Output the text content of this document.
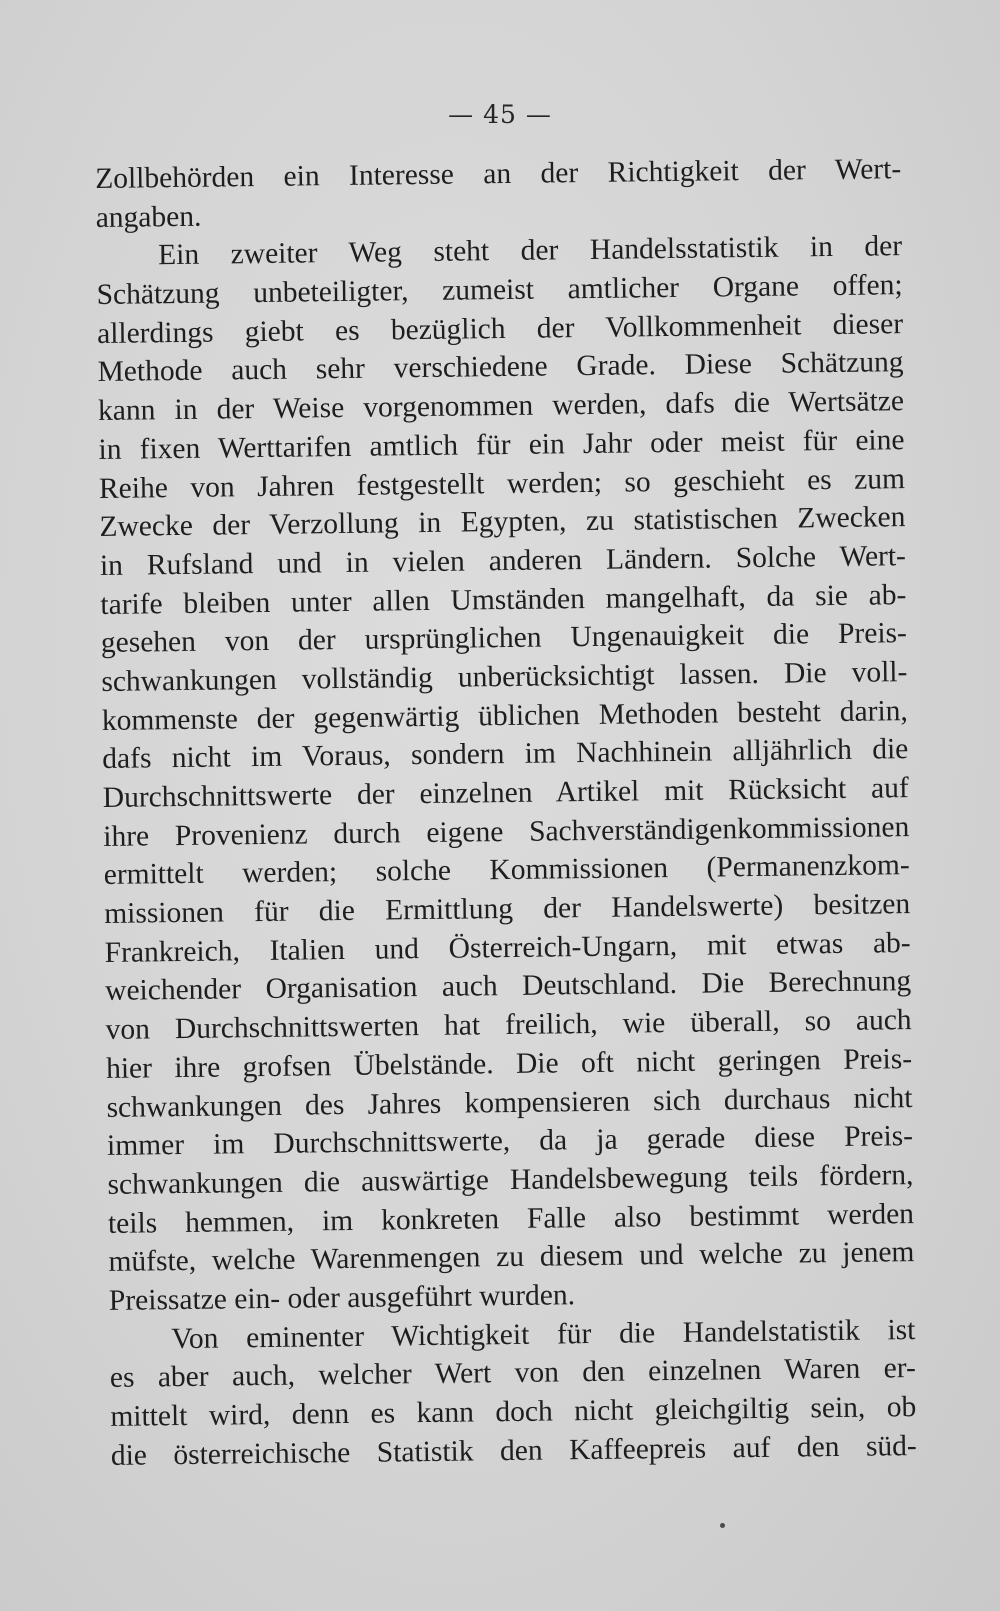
— 45 —
Zollbehörden ein Interesse an der Richtigkeit der Wert-
angaben.
Ein zweiter Weg steht der Handelsstatistik in der
Schätzung unbeteiligter, zumeist amtlicher Organe offen;
allerdings giebt es bezüglich der Vollkommenheit dieser
Methode auch sehr verschiedene Grade. Diese Schätzung
kann in der Weise vorgenommen werden, dafs die Wertsätze
in fixen Werttarifen amtlich für ein Jahr oder meist für eine
Reihe von Jahren festgestellt werden; so geschieht es zum
Zwecke der Verzollung in Egypten, zu statistischen Zwecken
in Rufsland und in vielen anderen Ländern. Solche Wert-
tarife bleiben unter allen Umständen mangelhaft, da sie ab-
gesehen von der ursprünglichen Ungenauigkeit die Preis-
schwankungen vollständig unberücksichtigt lassen. Die voll-
kommenste der gegenwärtig üblichen Methoden besteht darin,
dafs nicht im Voraus, sondern im Nachhinein alljährlich die
Durchschnittswerte der einzelnen Artikel mit Rücksicht auf
ihre Provenienz durch eigene Sachverständigenkommissionen
ermittelt werden; solche Kommissionen (Permanenzkom-
missionen für die Ermittlung der Handelswerte) besitzen
Frankreich, Italien und Österreich-Ungarn, mit etwas ab-
weichender Organisation auch Deutschland. Die Berechnung
von Durchschnittswerten hat freilich, wie überall, so auch
hier ihre grofsen Übelstände. Die oft nicht geringen Preis-
schwankungen des Jahres kompensieren sich durchaus nicht
immer im Durchschnittswerte, da ja gerade diese Preis-
schwankungen die auswärtige Handelsbewegung teils fördern,
teils hemmen, im konkreten Falle also bestimmt werden
müfste, welche Warenmengen zu diesem und welche zu jenem
Preissatze ein- oder ausgeführt wurden.
Von eminenter Wichtigkeit für die Handelstatistik ist
es aber auch, welcher Wert von den einzelnen Waren er-
mittelt wird, denn es kann doch nicht gleichgiltig sein, ob
die österreichische Statistik den Kaffeepreis auf den süd-
